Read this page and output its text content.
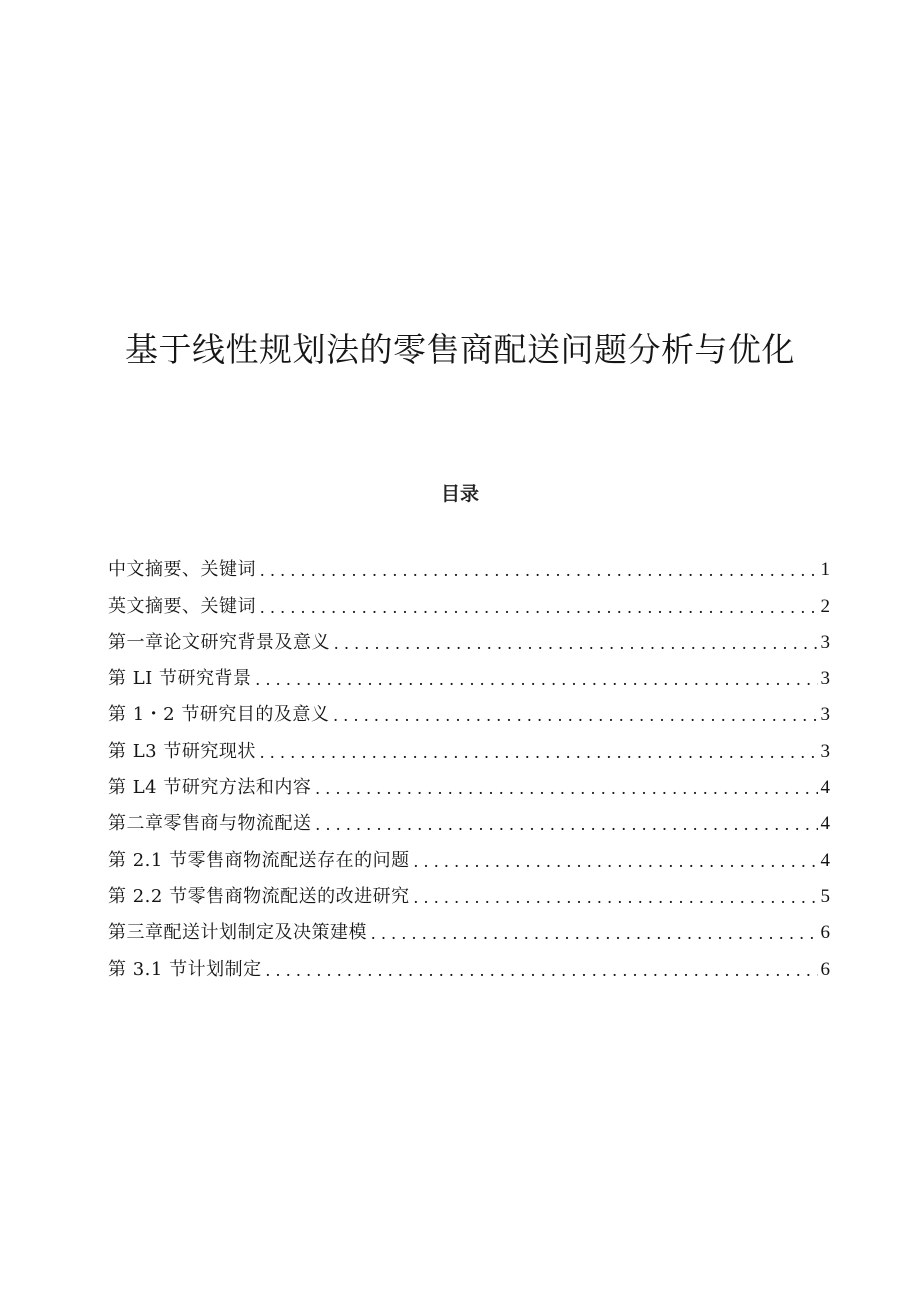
基于线性规划法的零售商配送问题分析与优化
目录
中文摘要、关键词 . . .	1
英文摘要、关键词 . . .	2
第一章论文研究背景及意义 . . .	3
第 LI 节研究背景 . . .	3
第 1・2 节研究目的及意义 . . .	3
第 L3 节研究现状 . . .	3
第 L4 节研究方法和内容 . . .	4
第二章零售商与物流配送 . . .	4
第 2.1 节零售商物流配送存在的问题 . . .	4
第 2.2 节零售商物流配送的改进研究 . . .	5
第三章配送计划制定及决策建模 . . .	6
第 3.1 节计划制定 . . .	6
